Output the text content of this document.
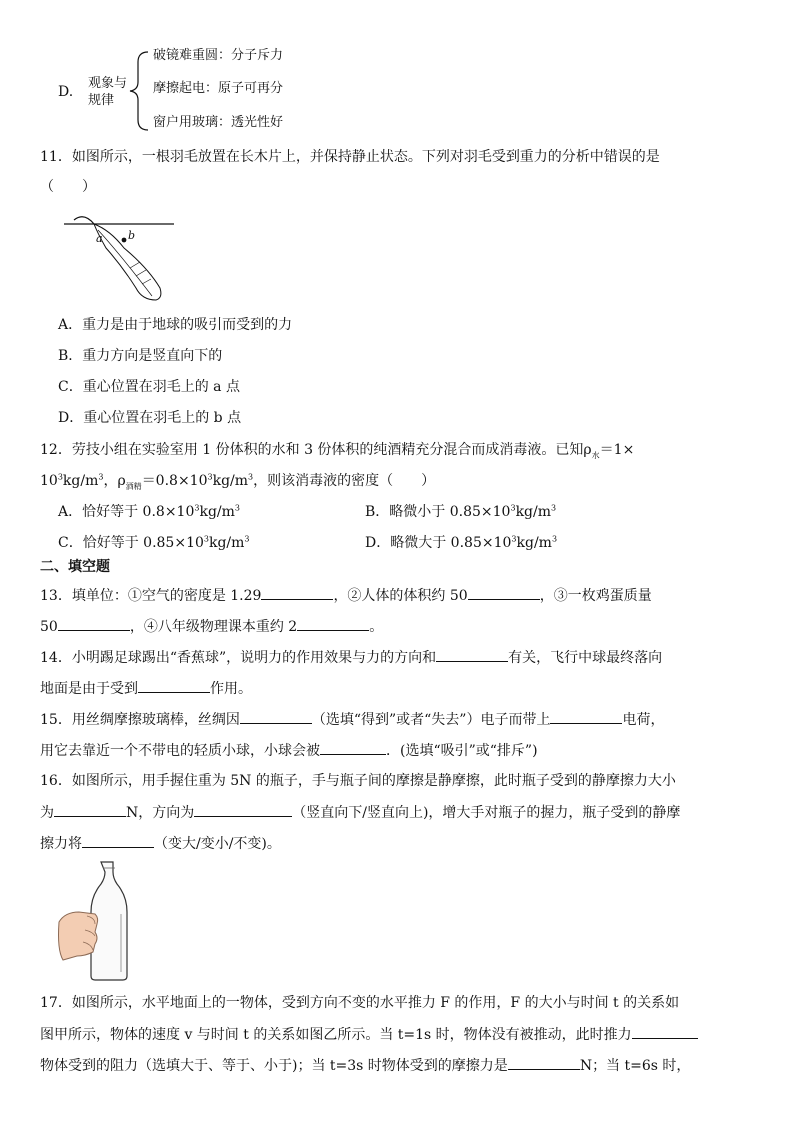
D.
观象与
规律
破镜难重圆：分子斥力
摩擦起电：原子可再分
窗户用玻璃：透光性好
11．如图所示，一根羽毛放置在长木片上，并保持静止状态。下列对羽毛受到重力的分析中错误的是
（　　）
a b
A．重力是由于地球的吸引而受到的力
B．重力方向是竖直向下的
C．重心位置在羽毛上的 a 点
D．重心位置在羽毛上的 b 点
12．劳技小组在实验室用 1 份体积的水和 3 份体积的纯酒精充分混合而成消毒液。已知$\rho_水=1\times$
$10^3kg/m^3$，$\rho_{酒精}=0.8\times 10^3kg/m^3$，则该消毒液的密度（　　）
A．恰好等于 $0.8\times 10^3kg/m^3$	B．略微小于 $0.85\times 10^3kg/m^3$
C．恰好等于 $0.85\times 10^3kg/m^3$	D．略微大于 $0.85\times 10^3kg/m^3$
二、填空题
13．填单位：①空气的密度是 1.29	，②人体的体积约 50	，③一枚鸡蛋质量
50	，④八年级物理课本重约 2	。
14．小明踢足球踢出“香蕉球”，说明力的作用效果与力的方向和	有关，飞行中球最终落向
地面是由于受到	作用。
15．用丝绸摩擦玻璃棒，丝绸因	（选填“得到”或者“失去”）电子而带上	电荷，
用它去靠近一个不带电的轻质小球，小球会被	．(选填“吸引”或“排斥”)
16．如图所示，用手握住重为 5N 的瓶子，手与瓶子间的摩擦是静摩擦，此时瓶子受到的静摩擦力大小
为	N，方向为	（竖直向下/竖直向上)，增大手对瓶子的握力，瓶子受到的静摩
擦力将	（变大/变小/不变)。
17．如图所示，水平地面上的一物体，受到方向不变的水平推力 F 的作用，F 的大小与时间 t 的关系如
图甲所示，物体的速度 v 与时间 t 的关系如图乙所示。当 t=1s 时，物体没有被推动，此时推力
物体受到的阻力（选填大于、等于、小于)；当 t=3s 时物体受到的摩擦力是	N；当 t=6s 时，
